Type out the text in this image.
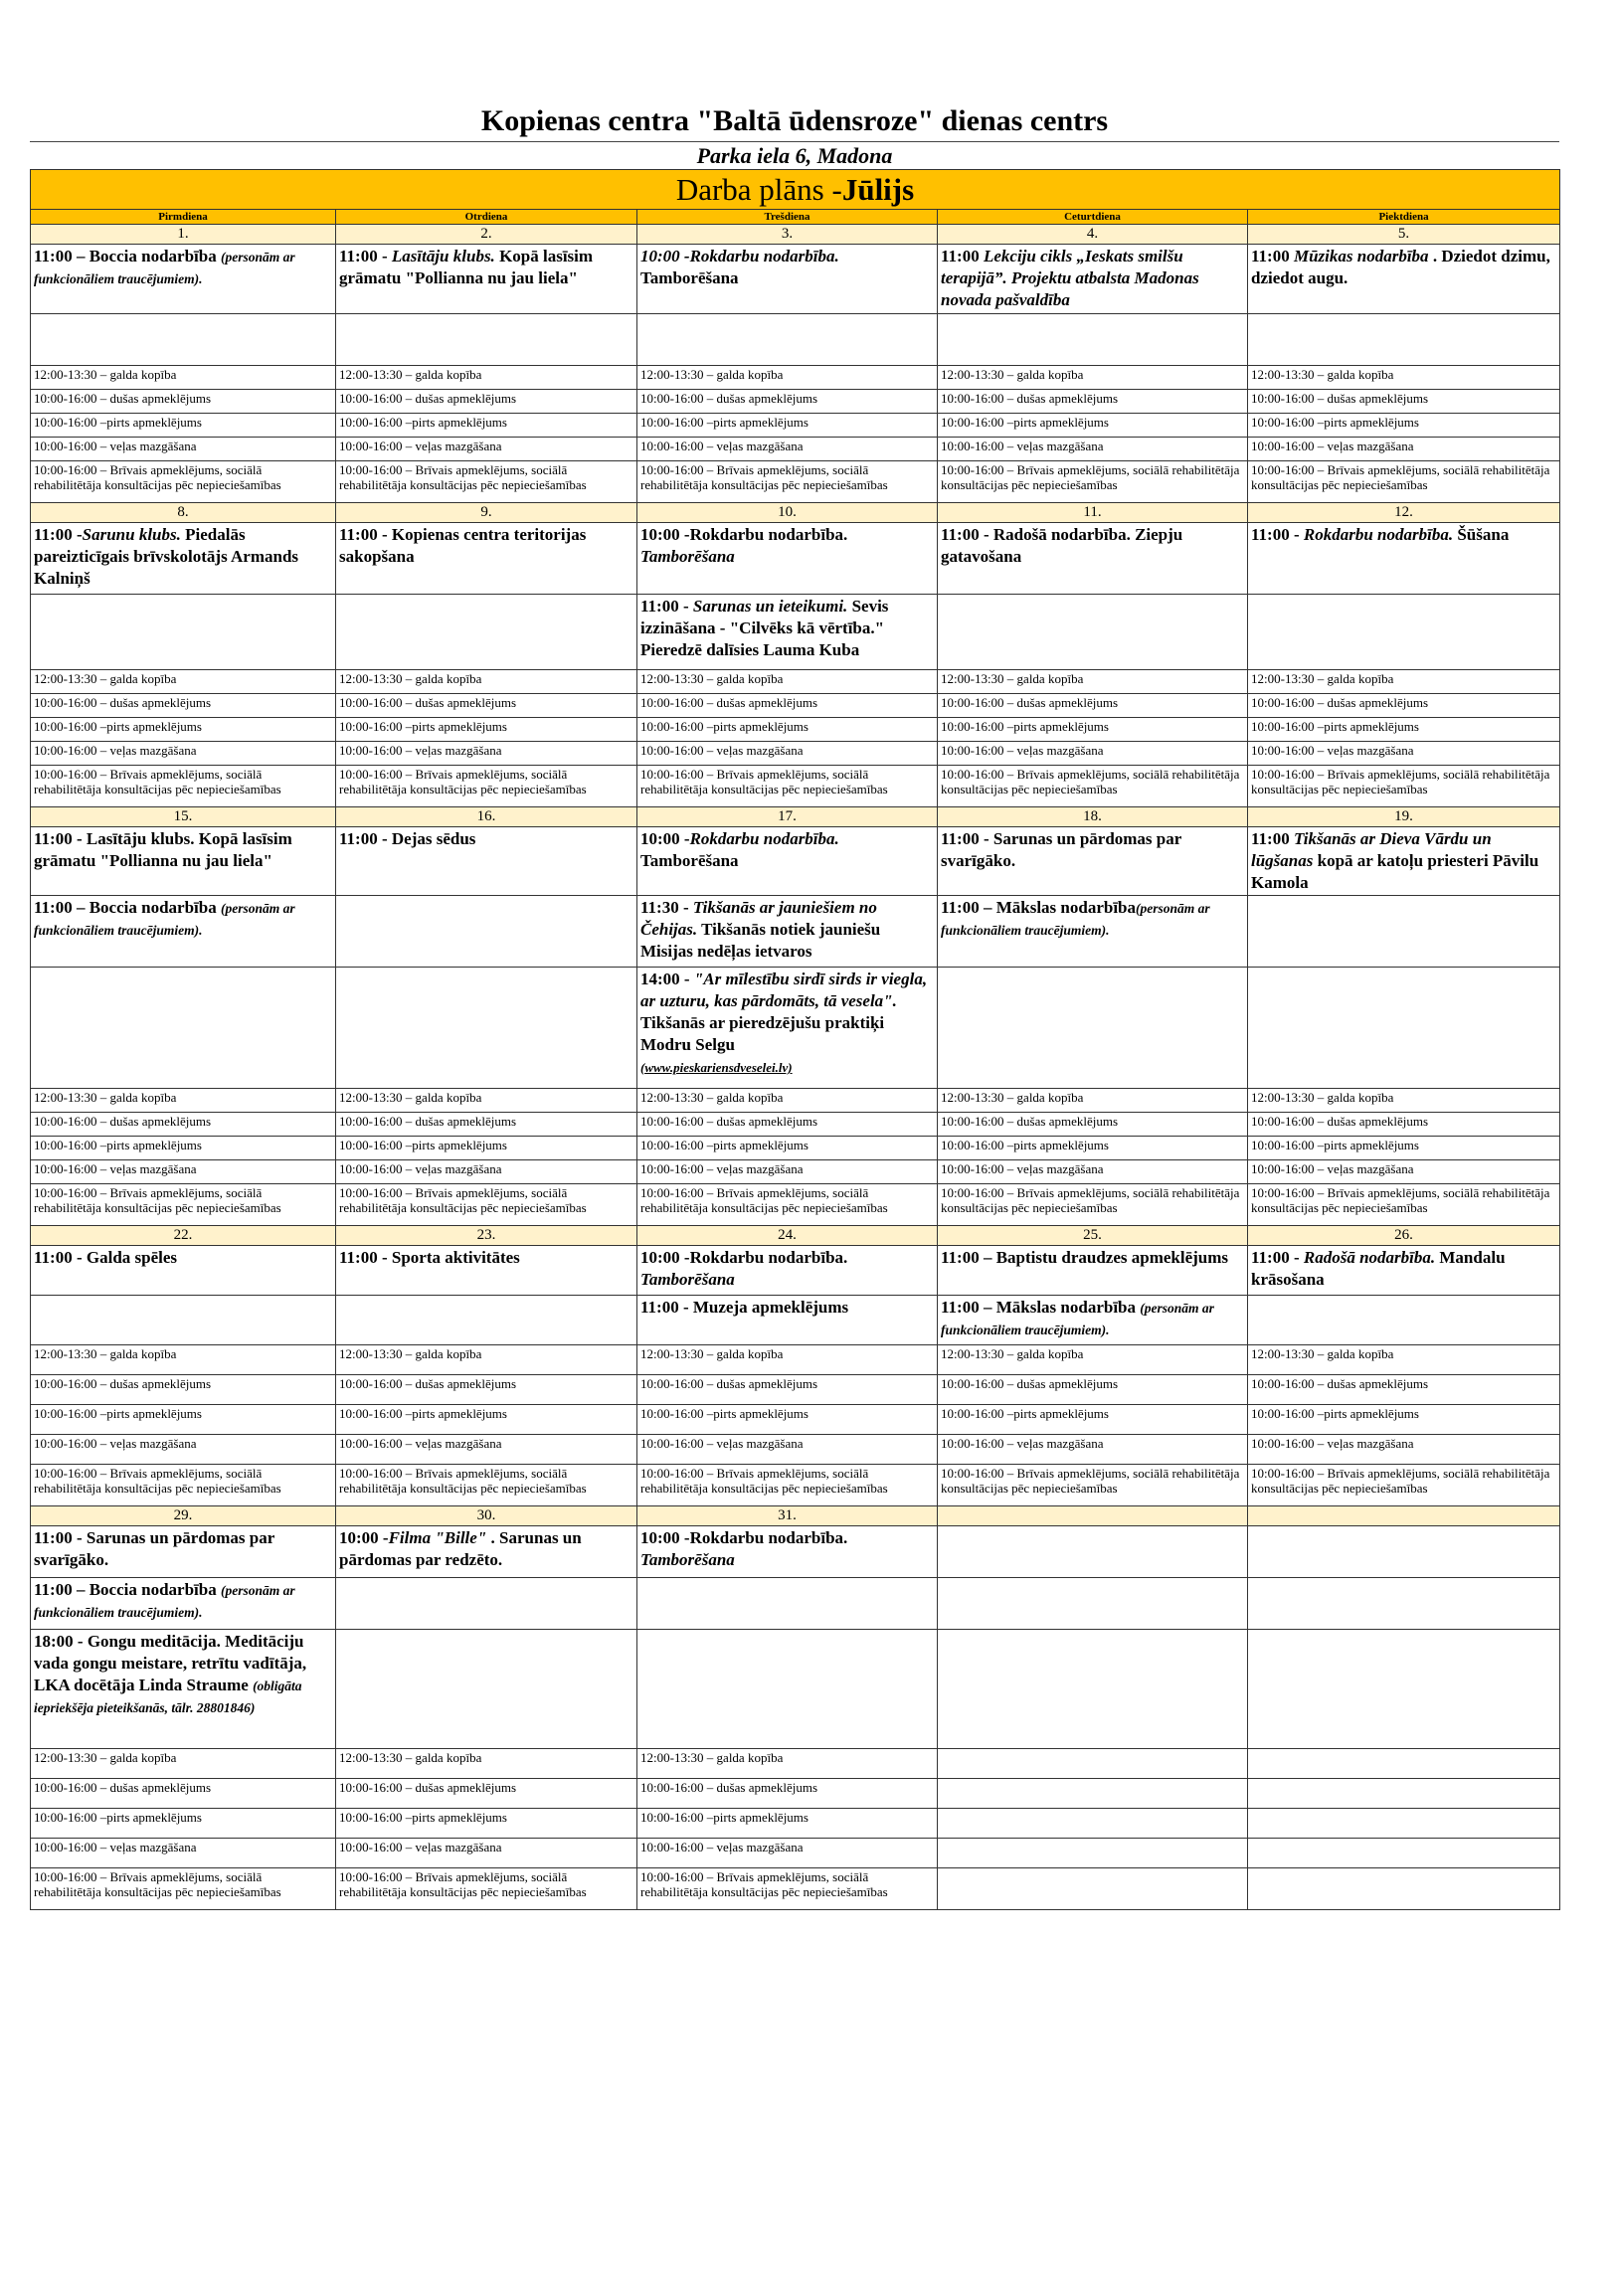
Kopienas centra "Baltā ūdensroze" dienas centrs
Parka iela 6, Madona
Darba plāns -Jūlijs				
Pirmdiena	Otrdiena	Trešdiena	Ceturtdiena	Piektdiena
1.	2.	3.	4.	5.
11:00 – Boccia nodarbība (personām ar funkcionāliem traucējumiem).	11:00 - Lasītāju klubs. Kopā lasīsim grāmatu "Pollianna nu jau liela"	10:00 -Rokdarbu nodarbība. Tamborēšana	11:00 Lekciju cikls „Ieskats smilšu terapijā”. Projektu atbalsta Madonas novada pašvaldība	11:00 Mūzikas nodarbība . Dziedot dzimu, dziedot augu.

12:00-13:30 – galda kopība	12:00-13:30 – galda kopība	12:00-13:30 – galda kopība	12:00-13:30 – galda kopība	12:00-13:30 – galda kopība
10:00-16:00 – dušas apmeklējums	10:00-16:00 – dušas apmeklējums	10:00-16:00 – dušas apmeklējums	10:00-16:00 – dušas apmeklējums	10:00-16:00 – dušas apmeklējums
10:00-16:00 –pirts apmeklējums	10:00-16:00 –pirts apmeklējums	10:00-16:00 –pirts apmeklējums	10:00-16:00 –pirts apmeklējums	10:00-16:00 –pirts apmeklējums
10:00-16:00 – veļas mazgāšana	10:00-16:00 – veļas mazgāšana	10:00-16:00 – veļas mazgāšana	10:00-16:00 – veļas mazgāšana	10:00-16:00 – veļas mazgāšana
10:00-16:00 – Brīvais apmeklējums, sociālā rehabilitētāja konsultācijas pēc nepieciešamības	10:00-16:00 – Brīvais apmeklējums, sociālā rehabilitētāja konsultācijas pēc nepieciešamības	10:00-16:00 – Brīvais apmeklējums, sociālā rehabilitētāja konsultācijas pēc nepieciešamības	10:00-16:00 – Brīvais apmeklējums, sociālā rehabilitētāja konsultācijas pēc nepieciešamības	10:00-16:00 – Brīvais apmeklējums, sociālā rehabilitētāja konsultācijas pēc nepieciešamības
8.	9.	10.	11.	12.
11:00 -Sarunu klubs. Piedalās pareizticīgais brīvskolotājs Armands Kalniņš	11:00 - Kopienas centra teritorijas sakopšana	10:00 -Rokdarbu nodarbība. Tamborēšana	11:00 - Radošā nodarbība. Ziepju gatavošana	11:00 - Rokdarbu nodarbība. Šūšana
		11:00 - Sarunas un ieteikumi. Sevis izzināšana - "Cilvēks kā vērtība." Pieredzē dalīsies Lauma Kuba		
12:00-13:30 – galda kopība	12:00-13:30 – galda kopība	12:00-13:30 – galda kopība	12:00-13:30 – galda kopība	12:00-13:30 – galda kopība
10:00-16:00 – dušas apmeklējums	10:00-16:00 – dušas apmeklējums	10:00-16:00 – dušas apmeklējums	10:00-16:00 – dušas apmeklējums	10:00-16:00 – dušas apmeklējums
10:00-16:00 –pirts apmeklējums	10:00-16:00 –pirts apmeklējums	10:00-16:00 –pirts apmeklējums	10:00-16:00 –pirts apmeklējums	10:00-16:00 –pirts apmeklējums
10:00-16:00 – veļas mazgāšana	10:00-16:00 – veļas mazgāšana	10:00-16:00 – veļas mazgāšana	10:00-16:00 – veļas mazgāšana	10:00-16:00 – veļas mazgāšana
10:00-16:00 – Brīvais apmeklējums, sociālā rehabilitētāja konsultācijas pēc nepieciešamības	10:00-16:00 – Brīvais apmeklējums, sociālā rehabilitētāja konsultācijas pēc nepieciešamības	10:00-16:00 – Brīvais apmeklējums, sociālā rehabilitētāja konsultācijas pēc nepieciešamības	10:00-16:00 – Brīvais apmeklējums, sociālā rehabilitētāja konsultācijas pēc nepieciešamības	10:00-16:00 – Brīvais apmeklējums, sociālā rehabilitētāja konsultācijas pēc nepieciešamības
15.	16.	17.	18.	19.
11:00 - Lasītāju klubs. Kopā lasīsim grāmatu "Pollianna nu jau liela"	11:00 - Dejas sēdus	10:00 -Rokdarbu nodarbība. Tamborēšana	11:00 - Sarunas un pārdomas par svarīgāko.	11:00 Tikšanās ar Dieva Vārdu un lūgšanas kopā ar katoļu priesteri Pāvilu Kamola
11:00 – Boccia nodarbība (personām ar funkcionāliem traucējumiem).		11:30 - Tikšanās ar jauniešiem no Čehijas. Tikšanās notiek jauniešu Misijas nedēļas ietvaros	11:00 – Mākslas nodarbība(personām ar funkcionāliem traucējumiem).	
		14:00 - "Ar mīlestību sirdī sirds ir viegla, ar uzturu, kas pārdomāts, tā vesela". Tikšanās ar pieredzējušu praktiķi Modru Selgu
(www.pieskariensdveselei.lv)		
12:00-13:30 – galda kopība	12:00-13:30 – galda kopība	12:00-13:30 – galda kopība	12:00-13:30 – galda kopība	12:00-13:30 – galda kopība
10:00-16:00 – dušas apmeklējums	10:00-16:00 – dušas apmeklējums	10:00-16:00 – dušas apmeklējums	10:00-16:00 – dušas apmeklējums	10:00-16:00 – dušas apmeklējums
10:00-16:00 –pirts apmeklējums	10:00-16:00 –pirts apmeklējums	10:00-16:00 –pirts apmeklējums	10:00-16:00 –pirts apmeklējums	10:00-16:00 –pirts apmeklējums
10:00-16:00 – veļas mazgāšana	10:00-16:00 – veļas mazgāšana	10:00-16:00 – veļas mazgāšana	10:00-16:00 – veļas mazgāšana	10:00-16:00 – veļas mazgāšana
10:00-16:00 – Brīvais apmeklējums, sociālā rehabilitētāja konsultācijas pēc nepieciešamības	10:00-16:00 – Brīvais apmeklējums, sociālā rehabilitētāja konsultācijas pēc nepieciešamības	10:00-16:00 – Brīvais apmeklējums, sociālā rehabilitētāja konsultācijas pēc nepieciešamības	10:00-16:00 – Brīvais apmeklējums, sociālā rehabilitētāja konsultācijas pēc nepieciešamības	10:00-16:00 – Brīvais apmeklējums, sociālā rehabilitētāja konsultācijas pēc nepieciešamības
22.	23.	24.	25.	26.
11:00 - Galda spēles	11:00 - Sporta aktivitātes	10:00 -Rokdarbu nodarbība. Tamborēšana	11:00 – Baptistu draudzes apmeklējums	11:00 - Radošā nodarbība. Mandalu krāsošana
		11:00 - Muzeja apmeklējums	11:00 – Mākslas nodarbība (personām ar funkcionāliem traucējumiem).	
12:00-13:30 – galda kopība	12:00-13:30 – galda kopība	12:00-13:30 – galda kopība	12:00-13:30 – galda kopība	12:00-13:30 – galda kopība
10:00-16:00 – dušas apmeklējums	10:00-16:00 – dušas apmeklējums	10:00-16:00 – dušas apmeklējums	10:00-16:00 – dušas apmeklējums	10:00-16:00 – dušas apmeklējums
10:00-16:00 –pirts apmeklējums	10:00-16:00 –pirts apmeklējums	10:00-16:00 –pirts apmeklējums	10:00-16:00 –pirts apmeklējums	10:00-16:00 –pirts apmeklējums
10:00-16:00 – veļas mazgāšana	10:00-16:00 – veļas mazgāšana	10:00-16:00 – veļas mazgāšana	10:00-16:00 – veļas mazgāšana	10:00-16:00 – veļas mazgāšana
10:00-16:00 – Brīvais apmeklējums, sociālā rehabilitētāja konsultācijas pēc nepieciešamības	10:00-16:00 – Brīvais apmeklējums, sociālā rehabilitētāja konsultācijas pēc nepieciešamības	10:00-16:00 – Brīvais apmeklējums, sociālā rehabilitētāja konsultācijas pēc nepieciešamības	10:00-16:00 – Brīvais apmeklējums, sociālā rehabilitētāja konsultācijas pēc nepieciešamības	10:00-16:00 – Brīvais apmeklējums, sociālā rehabilitētāja konsultācijas pēc nepieciešamības
29.	30.	31.		
11:00 - Sarunas un pārdomas par svarīgāko.	10:00 -Filma "Bille" . Sarunas un pārdomas par redzēto.	10:00 -Rokdarbu nodarbība. Tamborēšana		
11:00 – Boccia nodarbība (personām ar funkcionāliem traucējumiem).				
18:00 - Gongu meditācija. Meditāciju vada gongu meistare, retrītu vadītāja, LKA docētāja Linda Straume (obligāta iepriekšēja pieteikšanās, tālr. 28801846)				
12:00-13:30 – galda kopība	12:00-13:30 – galda kopība	12:00-13:30 – galda kopība		
10:00-16:00 – dušas apmeklējums	10:00-16:00 – dušas apmeklējums	10:00-16:00 – dušas apmeklējums		
10:00-16:00 –pirts apmeklējums	10:00-16:00 –pirts apmeklējums	10:00-16:00 –pirts apmeklējums		
10:00-16:00 – veļas mazgāšana	10:00-16:00 – veļas mazgāšana	10:00-16:00 – veļas mazgāšana		
10:00-16:00 – Brīvais apmeklējums, sociālā rehabilitētāja konsultācijas pēc nepieciešamības	10:00-16:00 – Brīvais apmeklējums, sociālā rehabilitētāja konsultācijas pēc nepieciešamības	10:00-16:00 – Brīvais apmeklējums, sociālā rehabilitētāja konsultācijas pēc nepieciešamības		
